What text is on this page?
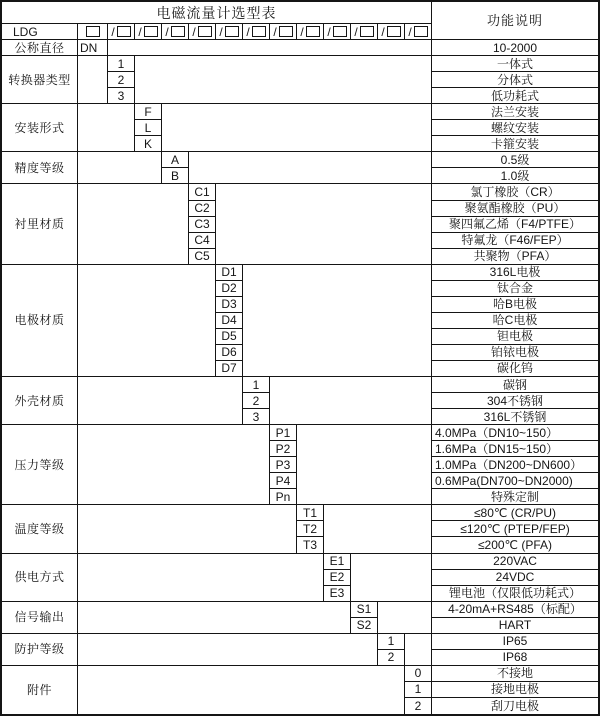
电磁流量计选型表
功能说明
LDG	/ / / / / / / / / / / /
公称直径	DN	10-2000
转换器类型
1	一体式
2	分体式
3	低功耗式
安装形式
F	法兰安装
L	螺纹安装
K	卡箍安装
精度等级
A	0.5级
B	1.0级
衬里材质
C1	氯丁橡胶（CR）
C2	聚氨酯橡胶（PU）
C3	聚四氟乙烯（F4/PTFE）
C4	特氟龙（F46/FEP）
C5	共聚物（PFA）
电极材质
D1	316L电极
D2	钛合金
D3	哈B电极
D4	哈C电极
D5	钽电极
D6	铂铱电极
D7	碳化钨
外壳材质
1	碳钢
2	304不锈钢
3	316L不锈钢
压力等级
P1	4.0MPa（DN10~150）
P2	1.6MPa（DN15~150）
P3	1.0MPa（DN200~DN600）
P4	0.6MPa(DN700~DN2000)
Pn	特殊定制
温度等级
T1	≤80℃ (CR/PU)
T2	≤120℃ (PTEP/FEP)
T3	≤200℃ (PFA)
供电方式
E1	220VAC
E2	24VDC
E3	锂电池（仅限低功耗式）
信号输出
S1	4-20mA+RS485（标配）
S2	HART
防护等级
1	IP65
2	IP68
附件
0	不接地
1	接地电极
2	刮刀电极
